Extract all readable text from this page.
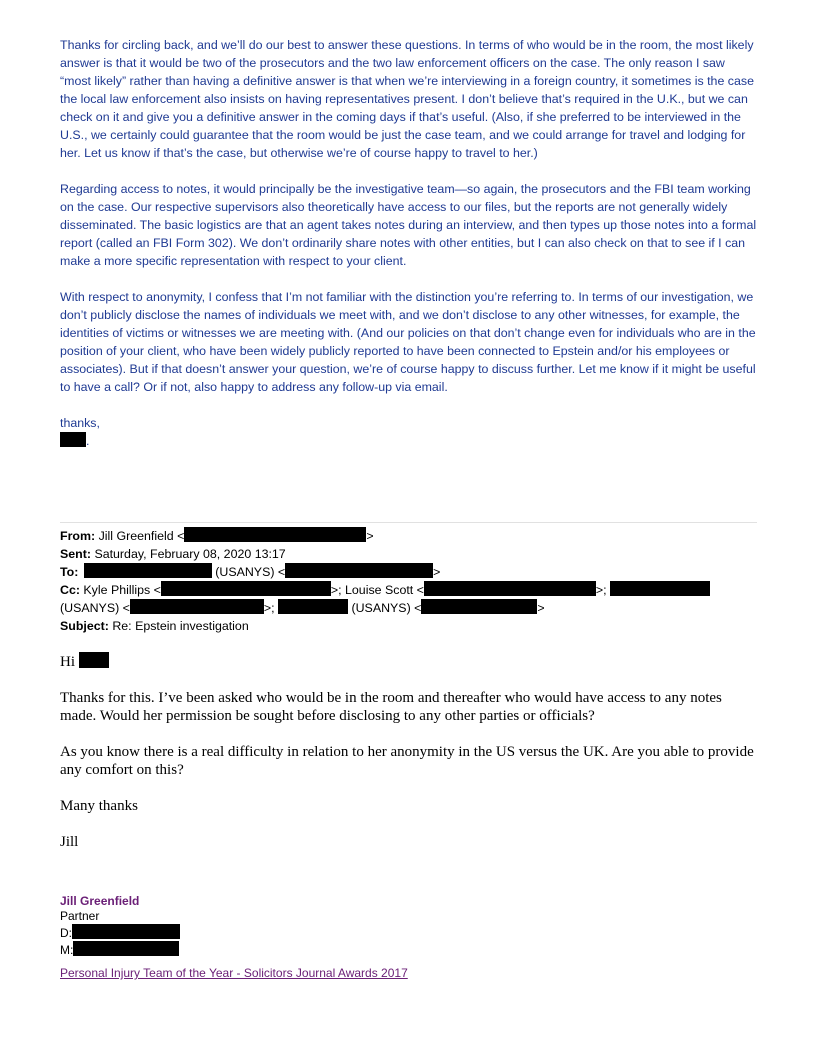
Thanks for circling back, and we’ll do our best to answer these questions. In terms of who would be in the room, the most likely answer is that it would be two of the prosecutors and the two law enforcement officers on the case. The only reason I saw “most likely” rather than having a definitive answer is that when we’re interviewing in a foreign country, it sometimes is the case the local law enforcement also insists on having representatives present. I don’t believe that’s required in the U.K., but we can check on it and give you a definitive answer in the coming days if that’s useful. (Also, if she preferred to be interviewed in the U.S., we certainly could guarantee that the room would be just the case team, and we could arrange for travel and lodging for her. Let us know if that’s the case, but otherwise we’re of course happy to travel to her.)

Regarding access to notes, it would principally be the investigative team—so again, the prosecutors and the FBI team working on the case. Our respective supervisors also theoretically have access to our files, but the reports are not generally widely disseminated. The basic logistics are that an agent takes notes during an interview, and then types up those notes into a formal report (called an FBI Form 302). We don’t ordinarily share notes with other entities, but I can also check on that to see if I can make a more specific representation with respect to your client.

With respect to anonymity, I confess that I’m not familiar with the distinction you’re referring to. In terms of our investigation, we don’t publicly disclose the names of individuals we meet with, and we don’t disclose to any other witnesses, for example, the identities of victims or witnesses we are meeting with. (And our policies on that don’t change even for individuals who are in the position of your client, who have been widely publicly reported to have been connected to Epstein and/or his employees or associates). But if that doesn’t answer your question, we’re of course happy to discuss further. Let me know if it might be useful to have a call? Or if not, also happy to address any follow-up via email.

thanks,
.
From: Jill Greenfield <	>
Sent: Saturday, February 08, 2020 13:17
To:	(USANYS) <	>
Cc: Kyle Phillips <	>; Louise Scott <	>;
(USANYS) <	>;	(USANYS) <	>
Subject: Re: Epstein investigation

Hi

Thanks for this. I’ve been asked who would be in the room and thereafter who would have access to any notes made. Would her permission be sought before disclosing to any other parties or officials?

As you know there is a real difficulty in relation to her anonymity in the US versus the UK. Are you able to provide any comfort on this?

Many thanks

Jill

Jill Greenfield
Partner
D:
M:
Personal Injury Team of the Year - Solicitors Journal Awards 2017
